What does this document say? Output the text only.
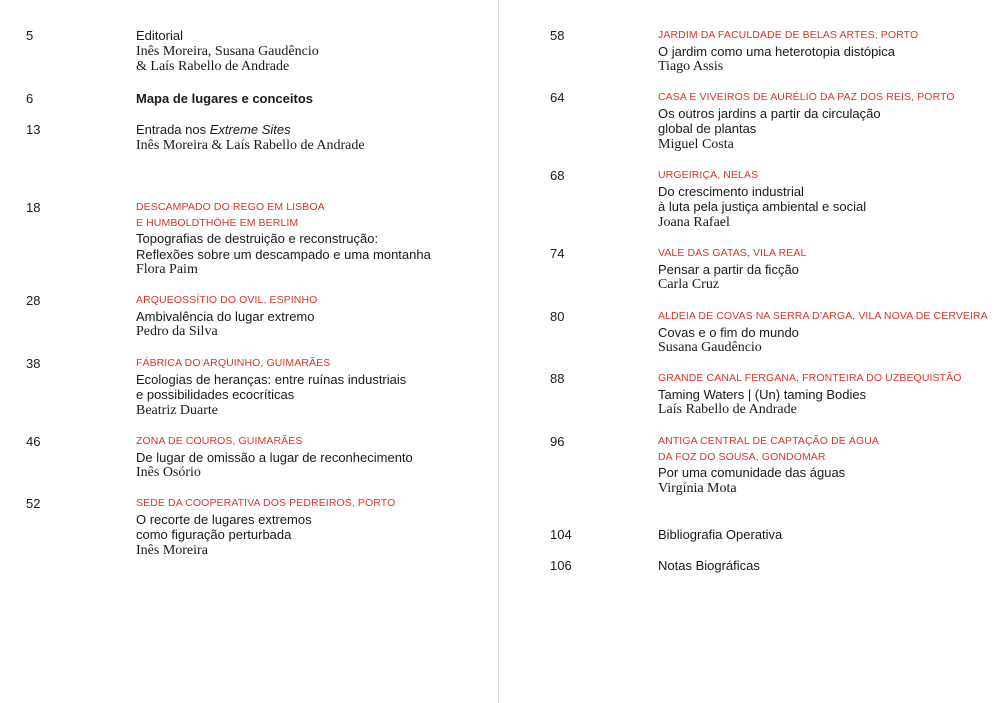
5	Editorial
Inês Moreira, Susana Gaudêncio
& Laís Rabello de Andrade
6	Mapa de lugares e conceitos
13	Entrada nos Extreme Sites
Inês Moreira & Laís Rabello de Andrade
18	DESCAMPADO DO REGO EM LISBOA
E HUMBOLDTHÖHE EM BERLIM
Topografias de destruição e reconstrução:
Reflexões sobre um descampado e uma montanha
Flora Paim
28	ARQUEOSSÍTIO DO OVIL, ESPINHO
Ambivalência do lugar extremo
Pedro da Silva
38	FÁBRICA DO ARQUINHO, GUIMARÃES
Ecologias de heranças: entre ruínas industriais
e possibilidades ecocríticas
Beatriz Duarte
46	ZONA DE COUROS, GUIMARÃES
De lugar de omissão a lugar de reconhecimento
Inês Osório
52	SEDE DA COOPERATIVA DOS PEDREIROS, PORTO
O recorte de lugares extremos
como figuração perturbada
Inês Moreira
58	JARDIM DA FACULDADE DE BELAS ARTES, PORTO
O jardim como uma heterotopia distópica
Tiago Assis
64	CASA E VIVEIROS DE AURÉLIO DA PAZ DOS REIS, PORTO
Os outros jardins a partir da circulação
global de plantas
Miguel Costa
68	URGEIRIÇA, NELAS
Do crescimento industrial
à luta pela justiça ambiental e social
Joana Rafael
74	VALE DAS GATAS, VILA REAL
Pensar a partir da ficção
Carla Cruz
80	ALDEIA DE COVAS NA SERRA D’ARGA, VILA NOVA DE CERVEIRA
Covas e o fim do mundo
Susana Gaudêncio
88	GRANDE CANAL FERGANA, FRONTEIRA DO UZBEQUISTÃO
Taming Waters | (Un) taming Bodies
Laís Rabello de Andrade
96	ANTIGA CENTRAL DE CAPTAÇÃO DE ÁGUA
DA FOZ DO SOUSA, GONDOMAR
Por uma comunidade das águas
Virgínia Mota
104	Bibliografia Operativa
106	Notas Biográficas
